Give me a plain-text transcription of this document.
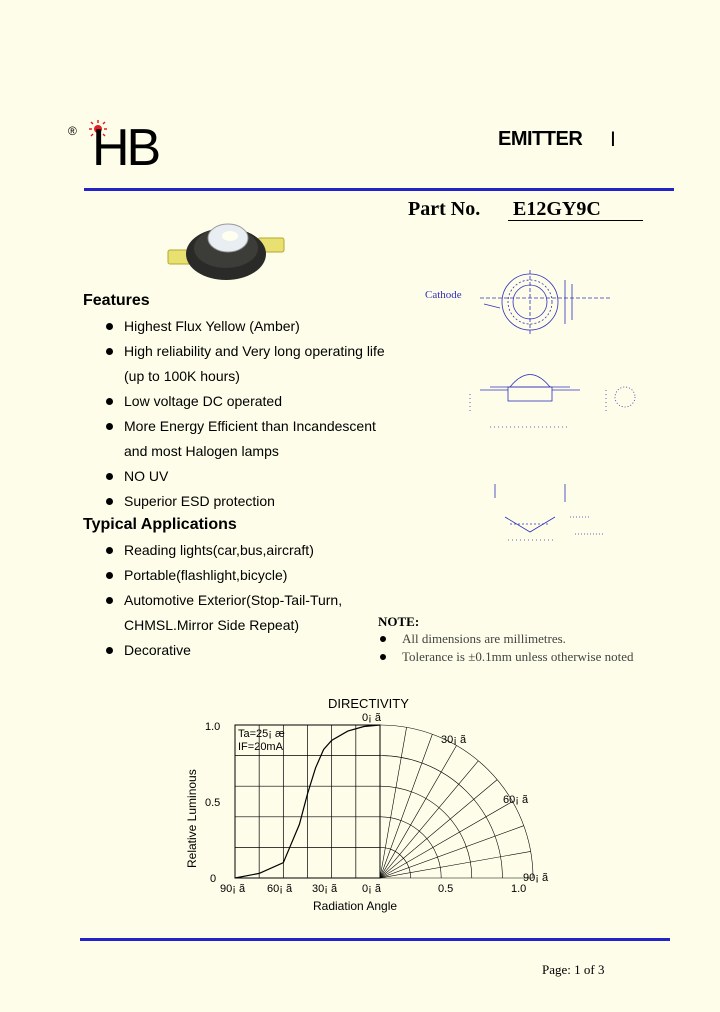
® HB	EMITTER Ⅰ
Part No. E12GY9C
Features
Highest Flux Yellow (Amber)
High reliability and Very long operating life
(up to 100K hours)
Low voltage DC operated
More Energy Efficient than Incandescent
and most Halogen lamps
NO UV
Superior ESD protection
Typical Applications
Reading lights(car,bus,aircraft)
Portable(flashlight,bicycle)
Automotive Exterior(Stop-Tail-Turn,
CHMSL.Mirror Side Repeat)
Decorative
Cathode
NOTE:
All dimensions are millimetres.
Tolerance is ±0.1mm unless otherwise noted
DIRECTIVITY
Ta=25¡ æ
IF=20mA
Relative Luminous
1.0
0.5
0
90¡ ã 60¡ ã 30¡ ã 0¡ ã	0.5	1.0
0¡ ã
30¡ ã
60¡ ã
90¡ ã
Radiation Angle
Page: 1 of 3
